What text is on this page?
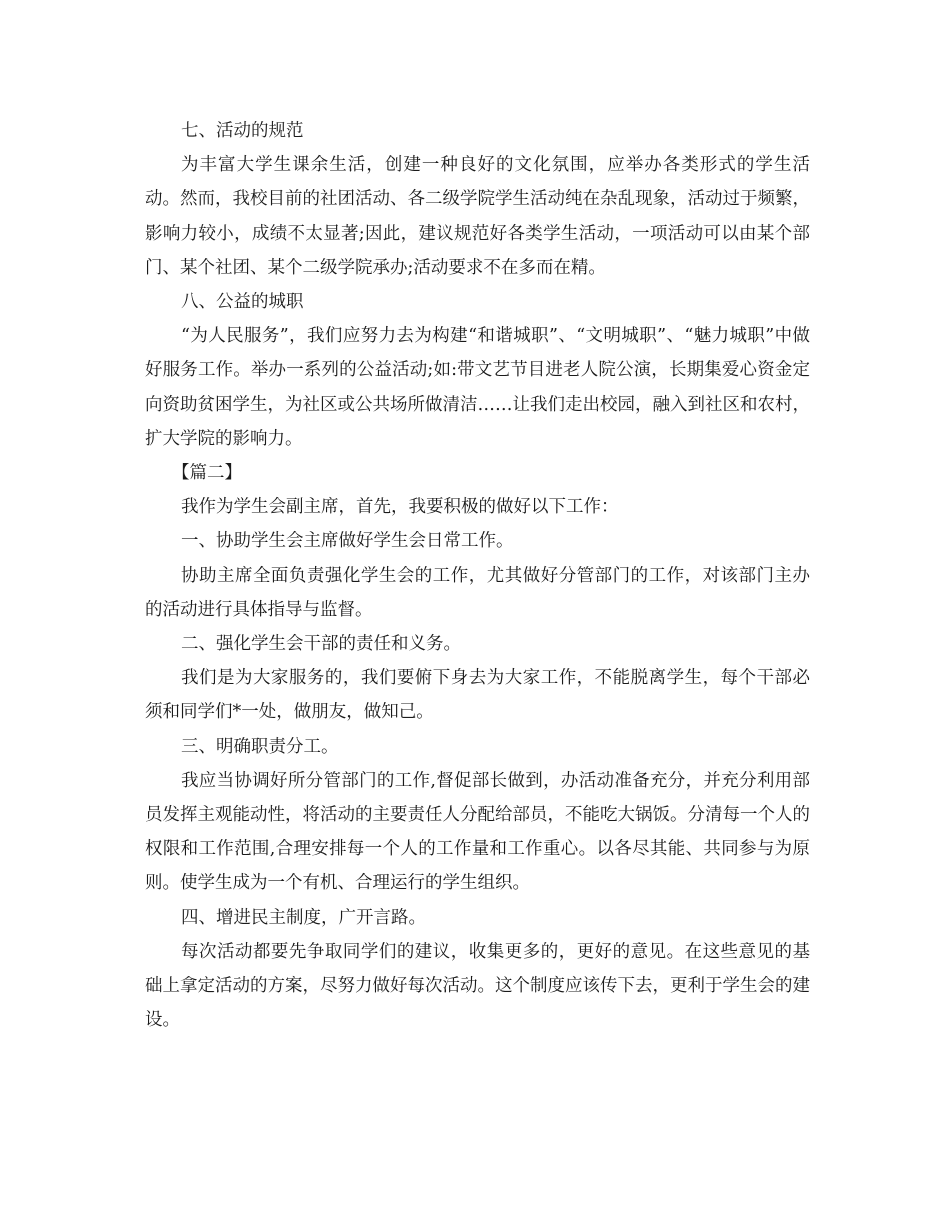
七、活动的规范

为丰富大学生课余生活，创建一种良好的文化氛围，应举办各类形式的学生活动。然而，我校目前的社团活动、各二级学院学生活动纯在杂乱现象，活动过于频繁，影响力较小，成绩不太显著;因此，建议规范好各类学生活动，一项活动可以由某个部门、某个社团、某个二级学院承办;活动要求不在多而在精。

八、公益的城职

“为人民服务”，我们应努力去为构建“和谐城职”、“文明城职”、“魅力城职”中做好服务工作。举办一系列的公益活动;如:带文艺节目进老人院公演，长期集爱心资金定向资助贫困学生，为社区或公共场所做清洁……让我们走出校园，融入到社区和农村，扩大学院的影响力。

【篇二】

我作为学生会副主席，首先，我要积极的做好以下工作：

一、协助学生会主席做好学生会日常工作。

协助主席全面负责强化学生会的工作，尤其做好分管部门的工作，对该部门主办的活动进行具体指导与监督。

二、强化学生会干部的责任和义务。

我们是为大家服务的，我们要俯下身去为大家工作，不能脱离学生，每个干部必须和同学们*一处，做朋友，做知己。

三、明确职责分工。

我应当协调好所分管部门的工作,督促部长做到，办活动准备充分，并充分利用部员发挥主观能动性，将活动的主要责任人分配给部员，不能吃大锅饭。分清每一个人的权限和工作范围,合理安排每一个人的工作量和工作重心。以各尽其能、共同参与为原则。使学生成为一个有机、合理运行的学生组织。

四、增进民主制度，广开言路。

每次活动都要先争取同学们的建议，收集更多的，更好的意见。在这些意见的基础上拿定活动的方案，尽努力做好每次活动。这个制度应该传下去，更利于学生会的建设。
